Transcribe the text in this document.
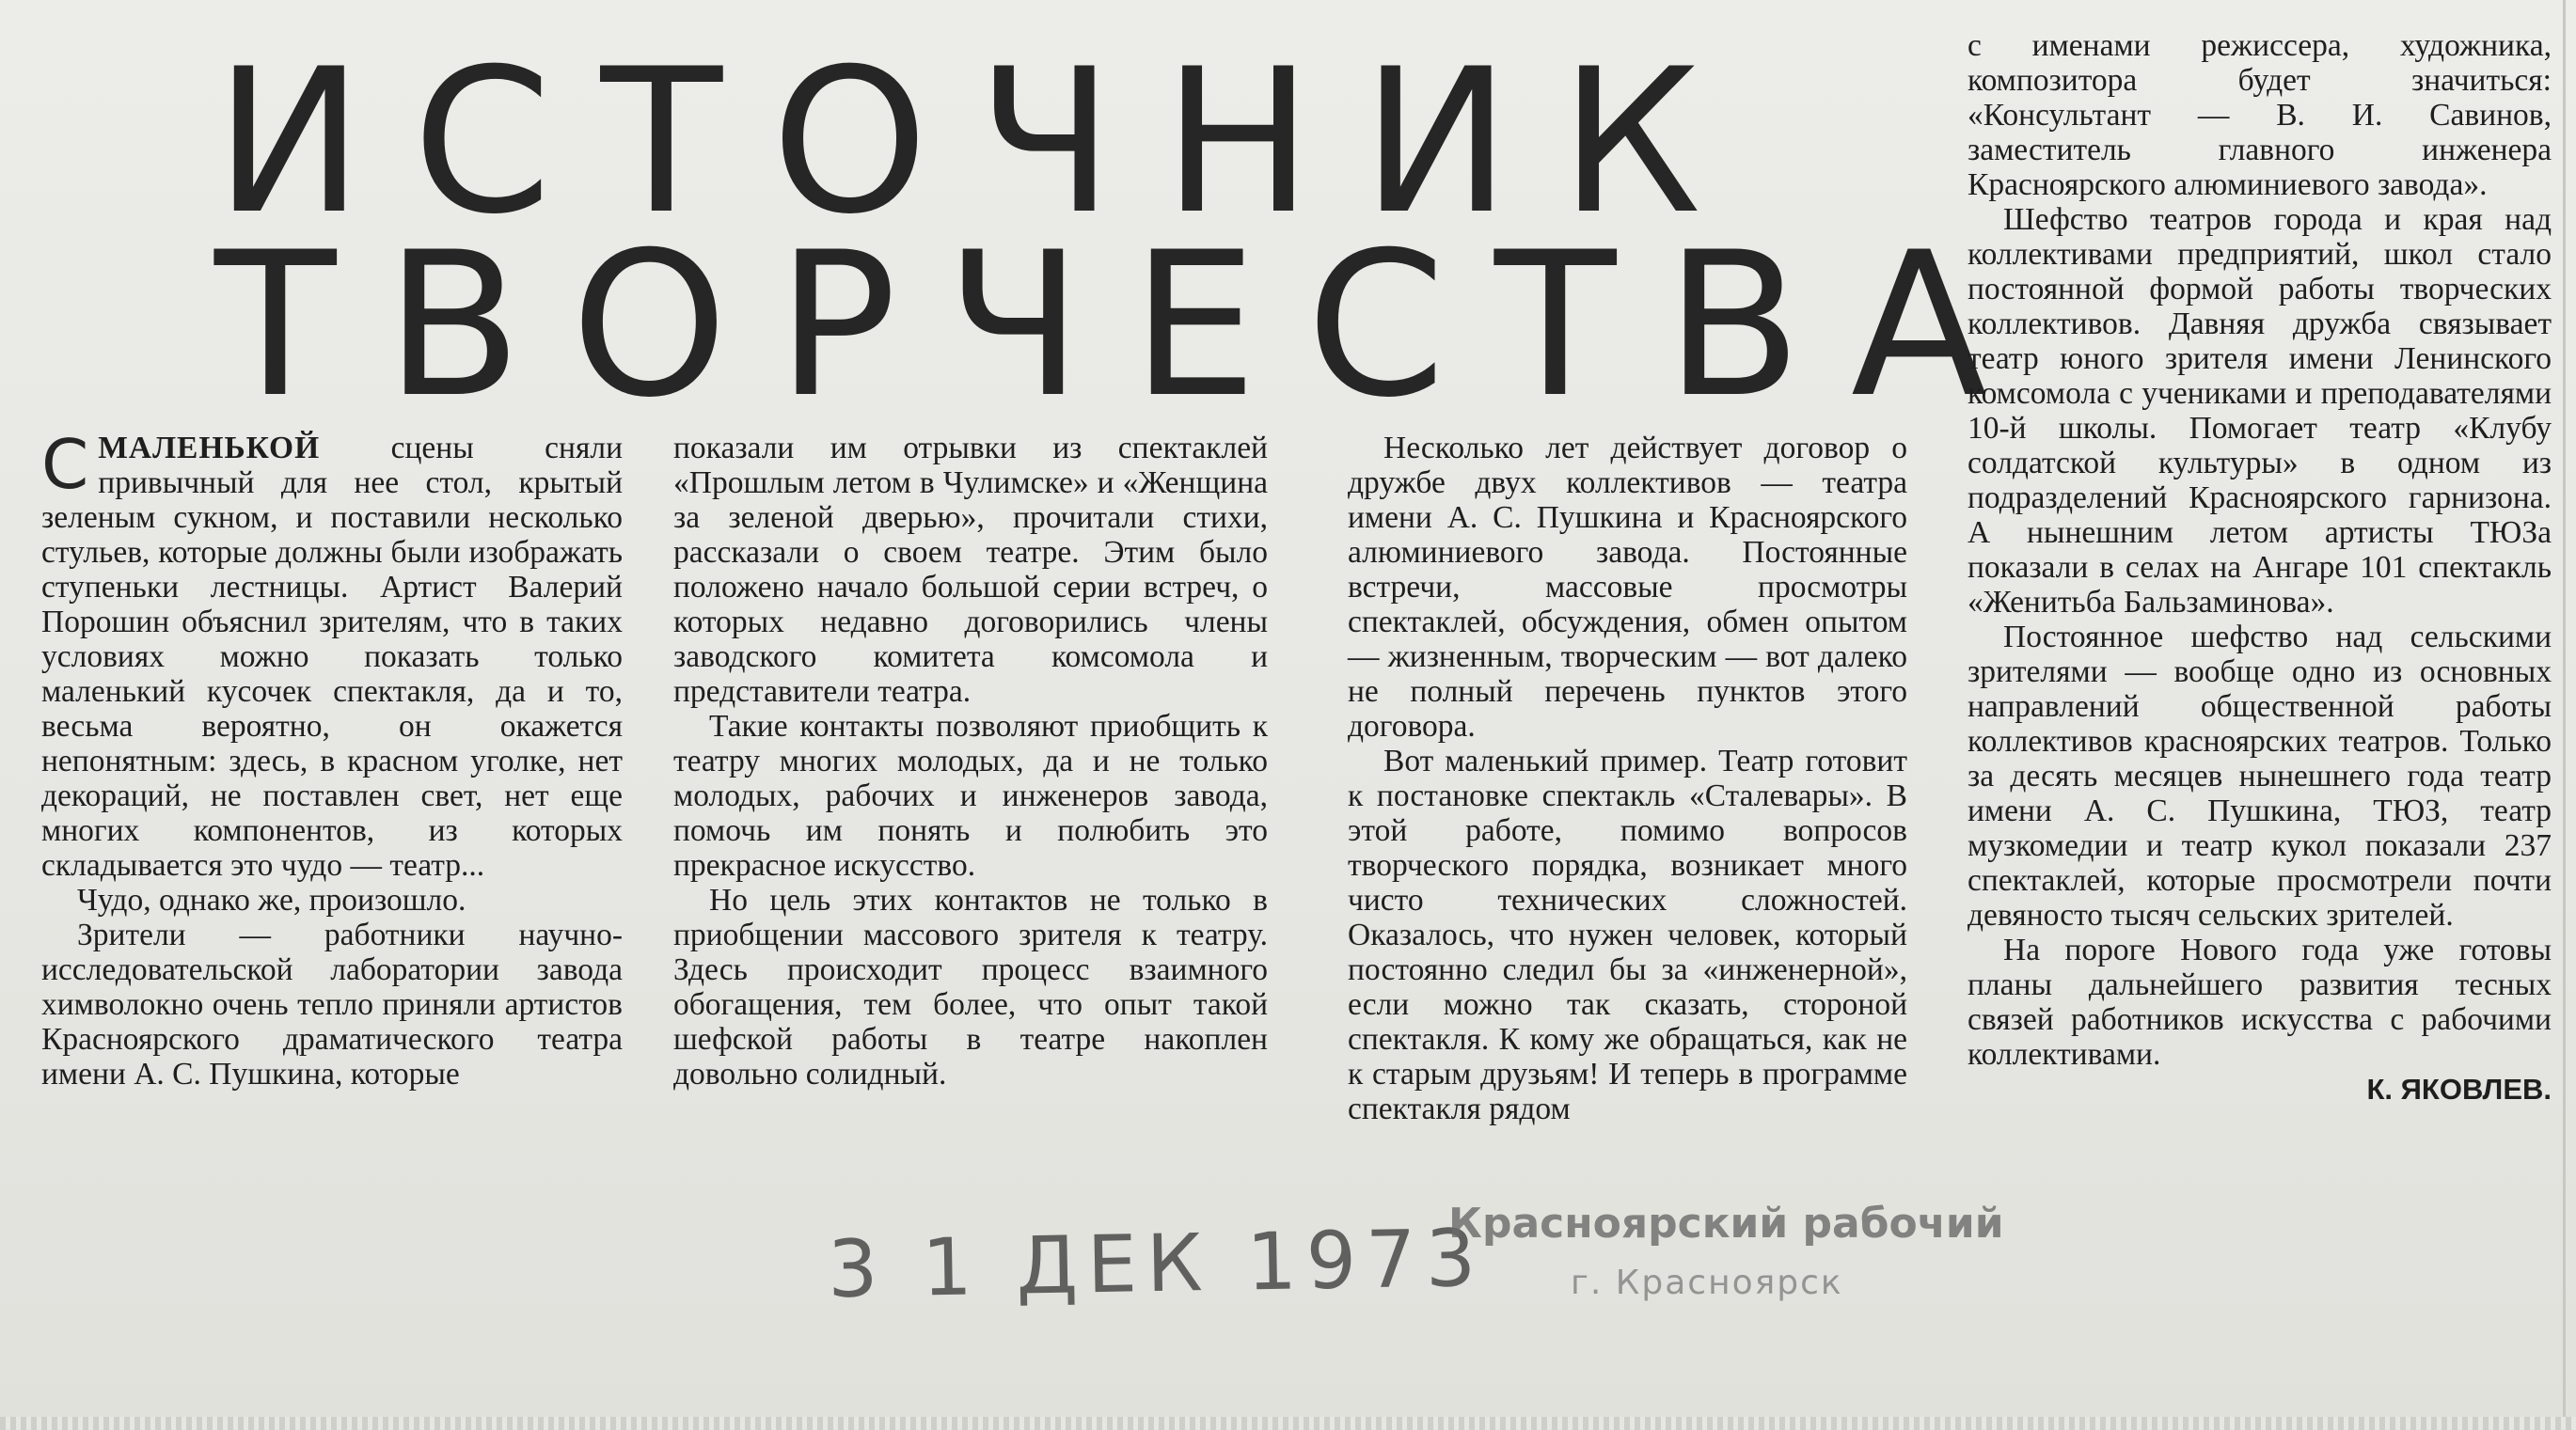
ИСТОЧНИК
ТВОРЧЕСТВА

СМАЛЕНЬКОЙ сцены сняли привычный для нее стол, крытый зеленым сукном, и поставили несколько стульев, которые должны были изображать ступеньки лестницы. Артист Валерий Порошин объяснил зрителям, что в таких условиях можно показать только маленький кусочек спектакля, да и то, весьма вероятно, он окажется непонятным: здесь, в красном уголке, нет декораций, не поставлен свет, нет еще многих компонентов, из которых складывается это чудо — театр...

Чудо, однако же, произошло.

Зрители — работники научно-исследовательской лаборатории завода химволокно очень тепло приняли артистов Красноярского драматического театра имени А. С. Пушкина, которые

показали им отрывки из спектаклей «Прошлым летом в Чулимске» и «Женщина за зеленой дверью», прочитали стихи, рассказали о своем театре. Этим было положено начало большой серии встреч, о которых недавно договорились члены заводского комитета комсомола и представители театра.

Такие контакты позволяют приобщить к театру многих молодых, да и не только молодых, рабочих и инженеров завода, помочь им понять и полюбить это прекрасное искусство.

Но цель этих контактов не только в приобщении массового зрителя к театру. Здесь происходит процесс взаимного обогащения, тем более, что опыт такой шефской работы в театре накоплен довольно солидный.

Несколько лет действует договор о дружбе двух коллективов — театра имени А. С. Пушкина и Красноярского алюминиевого завода. Постоянные встречи, массовые просмотры спектаклей, обсуждения, обмен опытом — жизненным, творческим — вот далеко не полный перечень пунктов этого договора.

Вот маленький пример. Театр готовит к постановке спектакль «Сталевары». В этой работе, помимо вопросов творческого порядка, возникает много чисто технических сложностей. Оказалось, что нужен человек, который постоянно следил бы за «инженерной», если можно так сказать, стороной спектакля. К кому же обращаться, как не к старым друзьям! И теперь в программе спектакля рядом

с именами режиссера, художника, композитора будет значиться: «Консультант — В. И. Савинов, заместитель главного инженера Красноярского алюминиевого завода».

Шефство театров города и края над коллективами предприятий, школ стало постоянной формой работы творческих коллективов. Давняя дружба связывает театр юного зрителя имени Ленинского комсомола с учениками и преподавателями 10-й школы. Помогает театр «Клубу солдатской культуры» в одном из подразделений Красноярского гарнизона. А нынешним летом артисты ТЮЗа показали в селах на Ангаре 101 спектакль «Женитьба Бальзаминова».

Постоянное шефство над сельскими зрителями — вообще одно из основных направлений общественной работы коллективов красноярских театров. Только за десять месяцев нынешнего года театр имени А. С. Пушкина, ТЮЗ, театр музкомедии и театр кукол показали 237 спектаклей, которые просмотрели почти девяносто тысяч сельских зрителей.

На пороге Нового года уже готовы планы дальнейшего развития тесных связей работников искусства с рабочими коллективами.

К. ЯКОВЛЕВ.

3 1 ДЕК 1973
Красноярский рабочий
г. Красноярск
